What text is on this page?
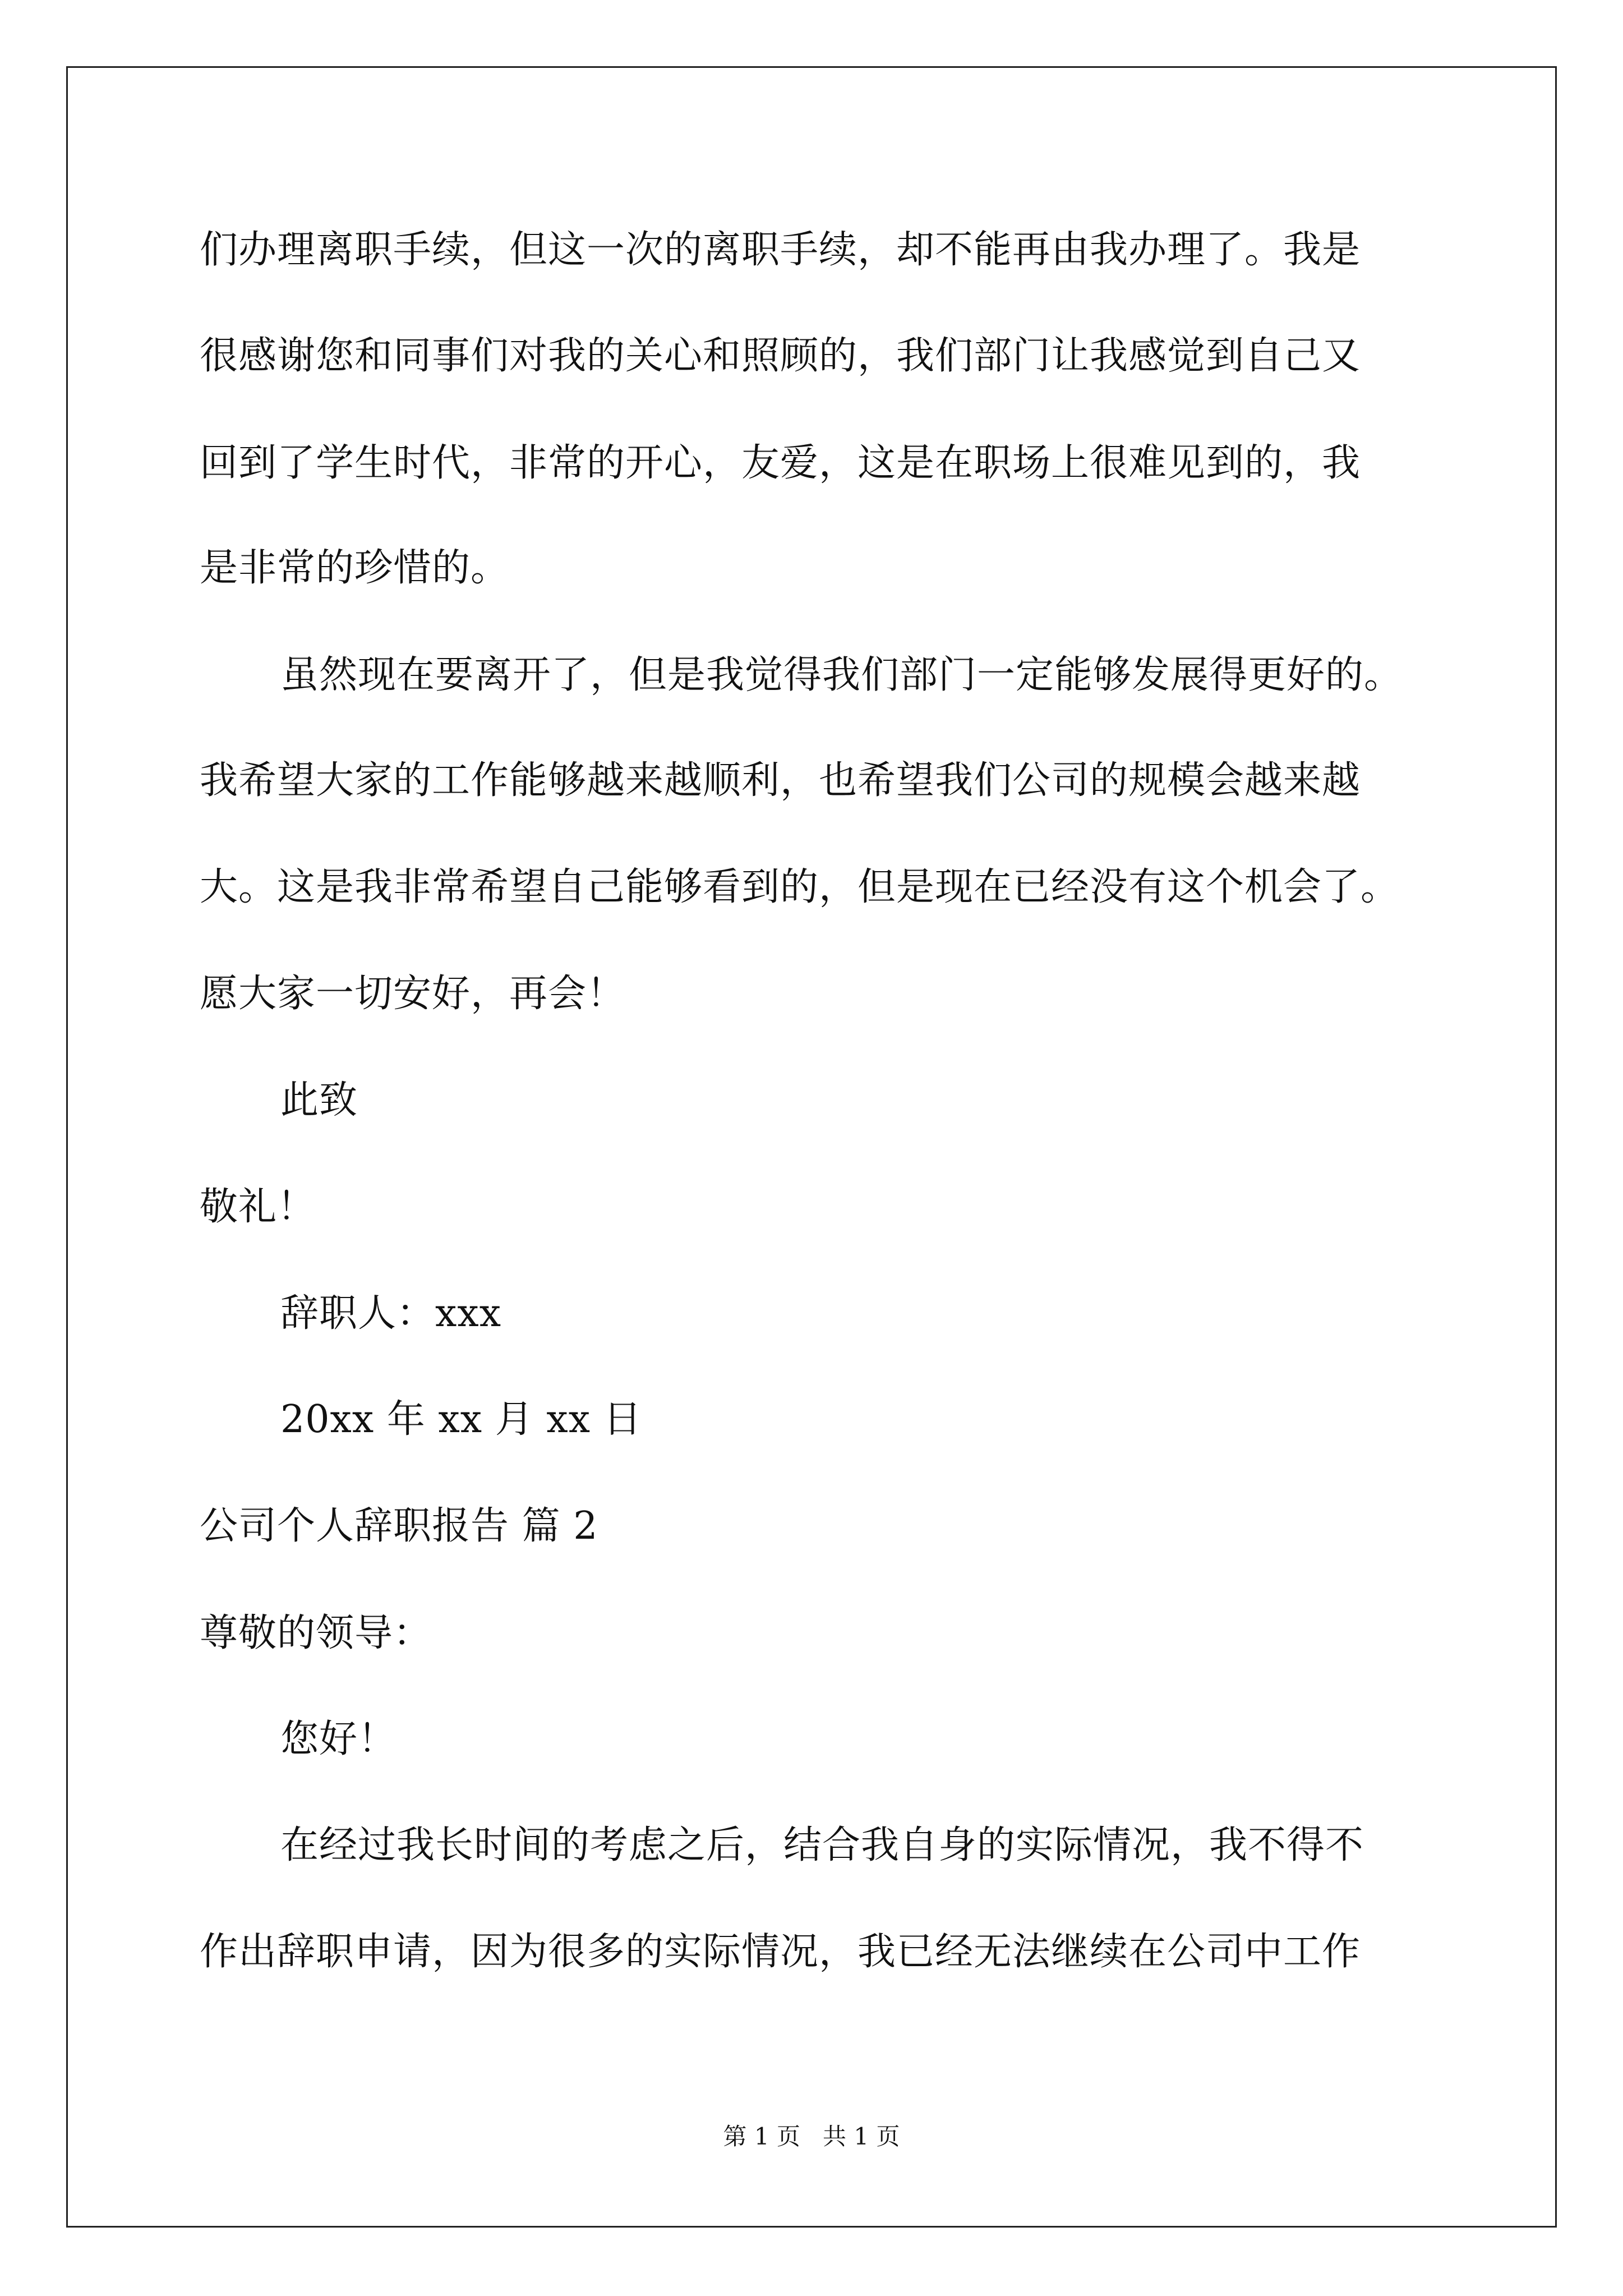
们办理离职手续，但这一次的离职手续，却不能再由我办理了。我是
很感谢您和同事们对我的关心和照顾的，我们部门让我感觉到自己又
回到了学生时代，非常的开心，友爱，这是在职场上很难见到的，我
是非常的珍惜的。
虽然现在要离开了，但是我觉得我们部门一定能够发展得更好的。
我希望大家的工作能够越来越顺利，也希望我们公司的规模会越来越
大。这是我非常希望自己能够看到的，但是现在已经没有这个机会了。
愿大家一切安好，再会！
此致
敬礼！
辞职人：xxx
20xx 年 xx 月 xx 日
公司个人辞职报告 篇 2
尊敬的领导：
您好！
在经过我长时间的考虑之后，结合我自身的实际情况，我不得不
作出辞职申请，因为很多的实际情况，我已经无法继续在公司中工作
第 1 页   共 1 页
